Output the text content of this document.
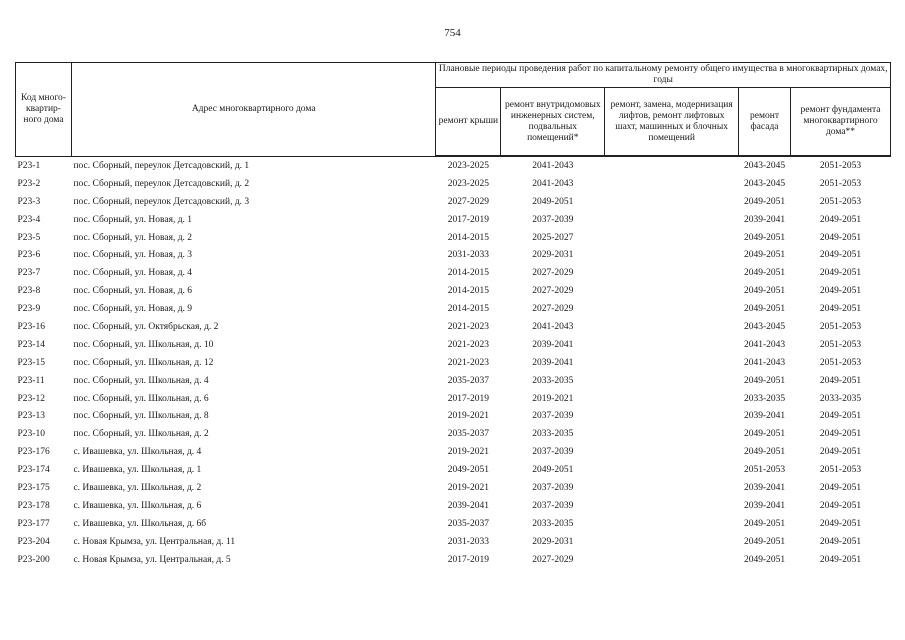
754
Код много-квартир-ного дома	Адрес многоквартирного дома	Плановые периоды проведения работ по капитальному ремонту общего имущества в многоквартирных домах, годы				
		ремонт крыши	ремонт внутридомовых инженерных систем, подвальных помещений*	ремонт, замена, модернизация лифтов, ремонт лифтовых шахт, машинных и блочных помещений	ремонт фасада	ремонт фундамента многоквартирного дома**
Р23-1	пос. Сборный, переулок Детсадовский, д. 1	2023-2025	2041-2043		2043-2045	2051-2053
Р23-2	пос. Сборный, переулок Детсадовский, д. 2	2023-2025	2041-2043		2043-2045	2051-2053
Р23-3	пос. Сборный, переулок Детсадовский, д. 3	2027-2029	2049-2051		2049-2051	2051-2053
Р23-4	пос. Сборный, ул. Новая, д. 1	2017-2019	2037-2039		2039-2041	2049-2051
Р23-5	пос. Сборный, ул. Новая, д. 2	2014-2015	2025-2027		2049-2051	2049-2051
Р23-6	пос. Сборный, ул. Новая, д. 3	2031-2033	2029-2031		2049-2051	2049-2051
Р23-7	пос. Сборный, ул. Новая, д. 4	2014-2015	2027-2029		2049-2051	2049-2051
Р23-8	пос. Сборный, ул. Новая, д. 6	2014-2015	2027-2029		2049-2051	2049-2051
Р23-9	пос. Сборный, ул. Новая, д. 9	2014-2015	2027-2029		2049-2051	2049-2051
Р23-16	пос. Сборный, ул. Октябрьская, д. 2	2021-2023	2041-2043		2043-2045	2051-2053
Р23-14	пос. Сборный, ул. Школьная, д. 10	2021-2023	2039-2041		2041-2043	2051-2053
Р23-15	пос. Сборный, ул. Школьная, д. 12	2021-2023	2039-2041		2041-2043	2051-2053
Р23-11	пос. Сборный, ул. Школьная, д. 4	2035-2037	2033-2035		2049-2051	2049-2051
Р23-12	пос. Сборный, ул. Школьная, д. 6	2017-2019	2019-2021		2033-2035	2033-2035
Р23-13	пос. Сборный, ул. Школьная, д. 8	2019-2021	2037-2039		2039-2041	2049-2051
Р23-10	пос. Сборный, ул. Школьная, д. 2	2035-2037	2033-2035		2049-2051	2049-2051
Р23-176	с. Ивашевка, ул. Школьная, д. 4	2019-2021	2037-2039		2049-2051	2049-2051
Р23-174	с. Ивашевка, ул. Школьная, д. 1	2049-2051	2049-2051		2051-2053	2051-2053
Р23-175	с. Ивашевка, ул. Школьная, д. 2	2019-2021	2037-2039		2039-2041	2049-2051
Р23-178	с. Ивашевка, ул. Школьная, д. 6	2039-2041	2037-2039		2039-2041	2049-2051
Р23-177	с. Ивашевка, ул. Школьная, д. 6б	2035-2037	2033-2035		2049-2051	2049-2051
Р23-204	с. Новая Крымза, ул. Центральная, д. 11	2031-2033	2029-2031		2049-2051	2049-2051
Р23-200	с. Новая Крымза, ул. Центральная, д. 5	2017-2019	2027-2029		2049-2051	2049-2051
